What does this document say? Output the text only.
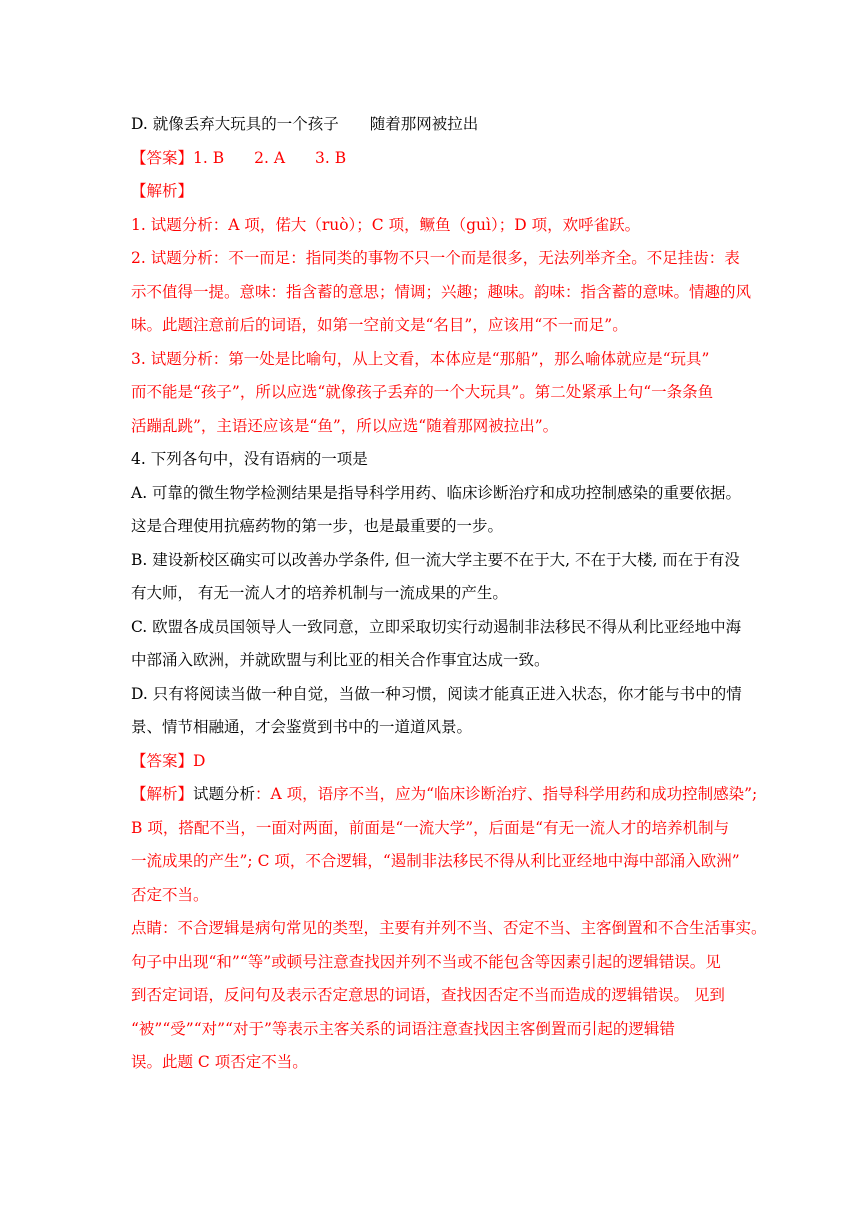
D. 就像丢弃大玩具的一个孩子 随着那网被拉出
【答案】1. B 2. A 3. B
【解析】
1. 试题分析：A 项，偌大（ruò）；C 项，鳜鱼（guì）；D 项，欢呼雀跃。
2. 试题分析：不一而足：指同类的事物不只一个而是很多，无法列举齐全。不足挂齿：表
示不值得一提。意味：指含蓄的意思；情调；兴趣；趣味。韵味：指含蓄的意味。情趣的风
味。此题注意前后的词语，如第一空前文是“名目”，应该用“不一而足”。
3. 试题分析：第一处是比喻句，从上文看，本体应是“那船”，那么喻体就应是“玩具”
而不能是“孩子”，所以应选“就像孩子丢弃的一个大玩具”。第二处紧承上句“一条条鱼
活蹦乱跳”，主语还应该是“鱼”，所以应选“随着那网被拉出”。
4. 下列各句中，没有语病的一项是
A. 可靠的微生物学检测结果是指导科学用药、临床诊断治疗和成功控制感染的重要依据。
这是合理使用抗癌药物的第一步，也是最重要的一步。
B. 建设新校区确实可以改善办学条件, 但一流大学主要不在于大, 不在于大楼, 而在于有没
有大师， 有无一流人才的培养机制与一流成果的产生。
C. 欧盟各成员国领导人一致同意，立即采取切实行动遏制非法移民不得从利比亚经地中海
中部涌入欧洲，并就欧盟与利比亚的相关合作事宜达成一致。
D. 只有将阅读当做一种自觉，当做一种习惯，阅读才能真正进入状态，你才能与书中的情
景、情节相融通，才会鉴赏到书中的一道道风景。
【答案】D
【解析】试题分析：A 项，语序不当，应为“临床诊断治疗、指导科学用药和成功控制感染”;
B 项，搭配不当，一面对两面，前面是“一流大学”，后面是“有无一流人才的培养机制与
一流成果的产生”; C 项，不合逻辑，“遏制非法移民不得从利比亚经地中海中部涌入欧洲”
否定不当。
点睛：不合逻辑是病句常见的类型，主要有并列不当、否定不当、主客倒置和不合生活事实。
句子中出现“和”“等”或顿号注意查找因并列不当或不能包含等因素引起的逻辑错误。见
到否定词语，反问句及表示否定意思的词语，查找因否定不当而造成的逻辑错误。 见到
“被”“受”“对”“对于”等表示主客关系的词语注意查找因主客倒置而引起的逻辑错
误。此题 C 项否定不当。
